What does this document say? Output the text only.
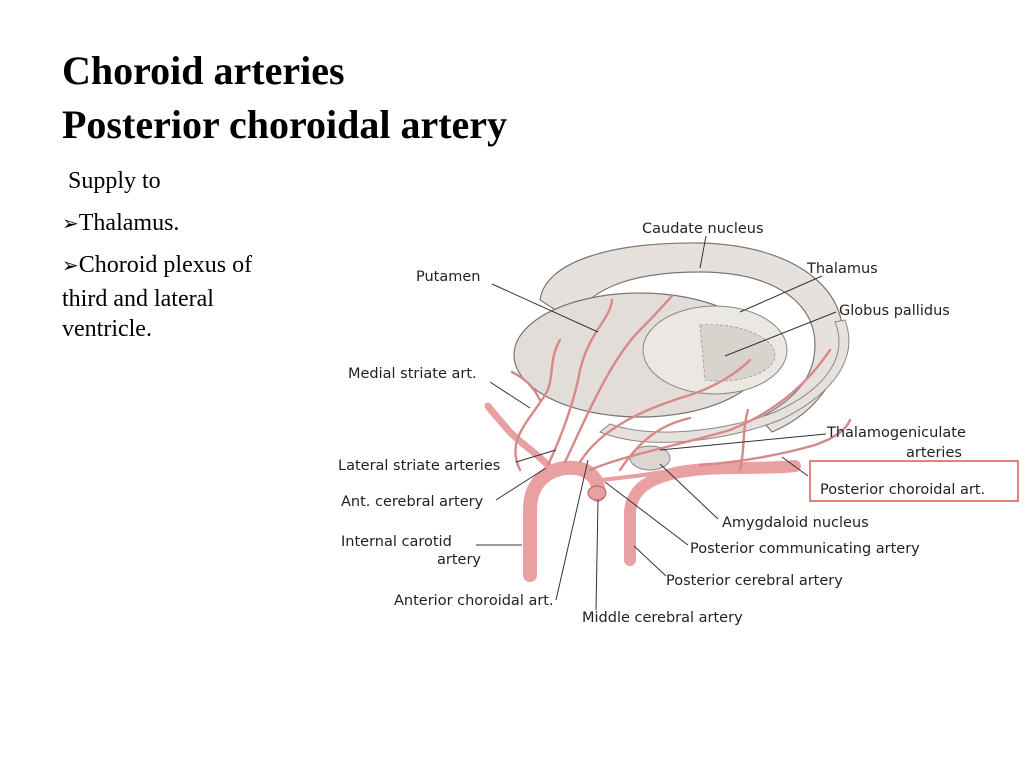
Choroid arteries
Posterior choroidal artery
Supply to
➢Thalamus.
➢Choroid plexus of
third and lateral
ventricle.
Caudate nucleus
Putamen	Thalamus
Globus pallidus
Medial striate art.
Thalamogeniculate
arteries
Lateral striate arteries
Posterior choroidal art.
Ant. cerebral artery
Amygdaloid nucleus
Internal carotid
artery
Posterior communicating artery
Posterior cerebral artery
Anterior choroidal art.
Middle cerebral artery
